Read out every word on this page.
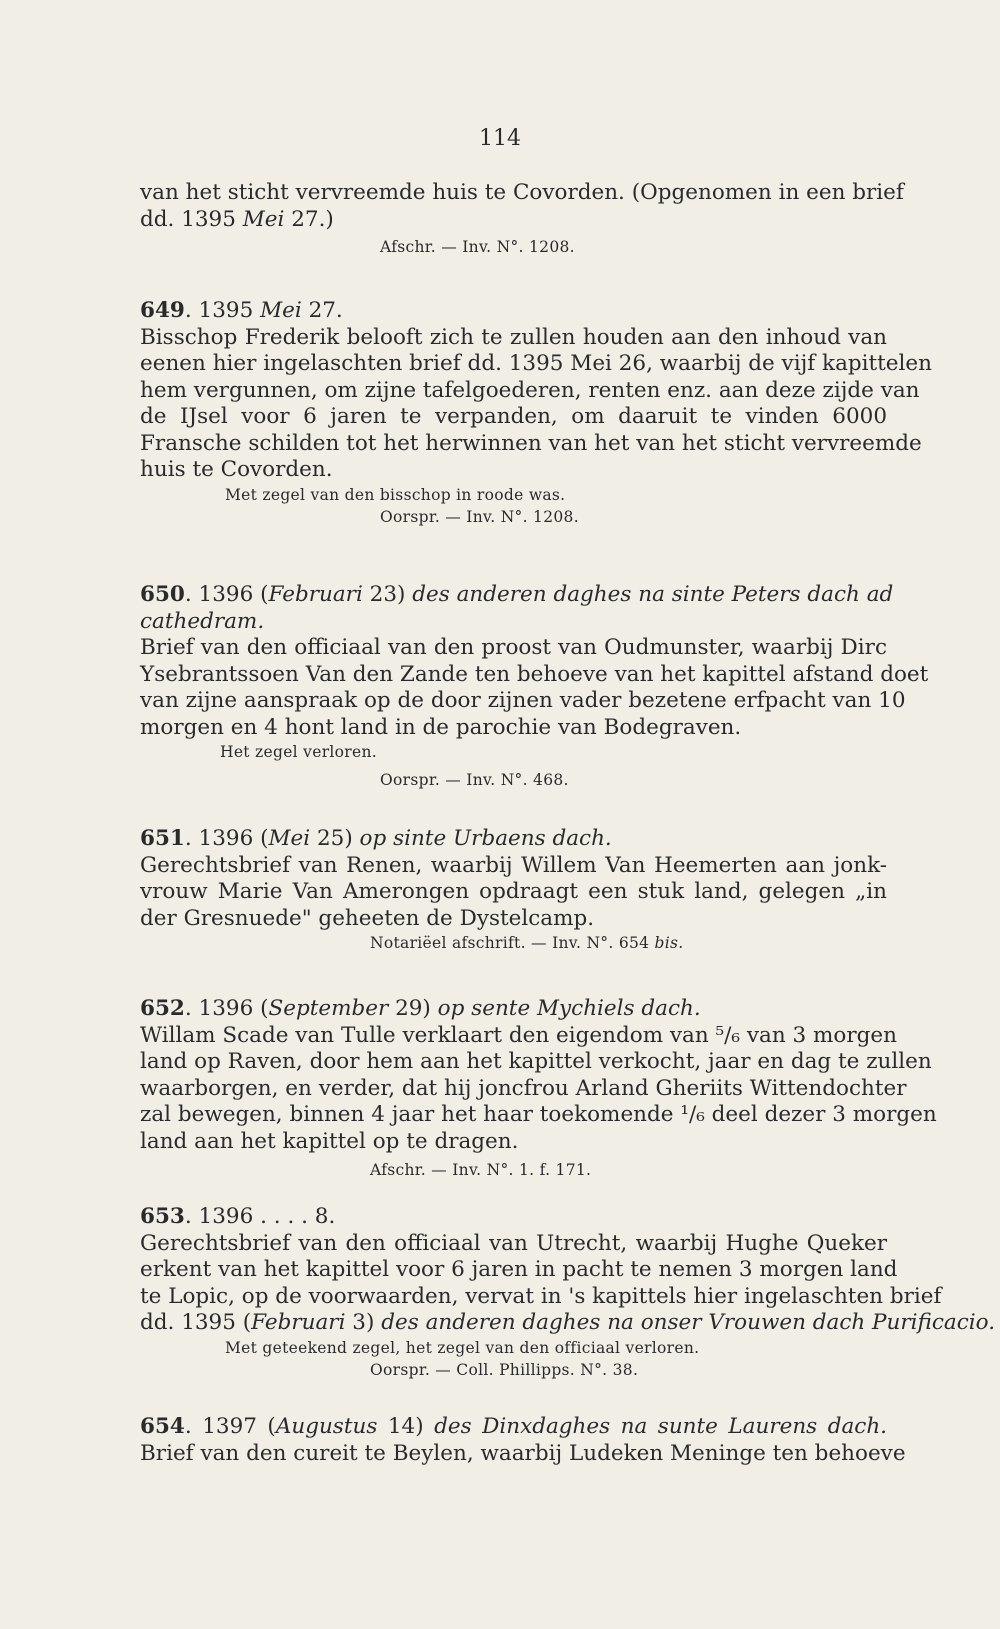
114
van het sticht vervreemde huis te Covorden. (Opgenomen in een brief
dd. 1395 Mei 27.)
Afschr. — Inv. N°. 1208.
649. 1395 Mei 27.
Bisschop Frederik belooft zich te zullen houden aan den inhoud van
eenen hier ingelaschten brief dd. 1395 Mei 26, waarbij de vijf kapittelen
hem vergunnen, om zijne tafelgoederen, renten enz. aan deze zijde van
de IJsel voor 6 jaren te verpanden, om daaruit te vinden 6000
Fransche schilden tot het herwinnen van het van het sticht vervreemde
huis te Covorden.
Met zegel van den bisschop in roode was.
Oorspr. — Inv. N°. 1208.
650. 1396 (Februari 23) des anderen daghes na sinte Peters dach ad
cathedram.
Brief van den officiaal van den proost van Oudmunster, waarbij Dirc
Ysebrantssoen Van den Zande ten behoeve van het kapittel afstand doet
van zijne aanspraak op de door zijnen vader bezetene erfpacht van 10
morgen en 4 hont land in de parochie van Bodegraven.
Het zegel verloren.
Oorspr. — Inv. N°. 468.
651. 1396 (Mei 25) op sinte Urbaens dach.
Gerechtsbrief van Renen, waarbij Willem Van Heemerten aan jonk-
vrouw Marie Van Amerongen opdraagt een stuk land, gelegen „in
der Gresnuede" geheeten de Dystelcamp.
Notariëel afschrift. — Inv. N°. 654 bis.
652. 1396 (September 29) op sente Mychiels dach.
Willam Scade van Tulle verklaart den eigendom van ⁵/₆ van 3 morgen
land op Raven, door hem aan het kapittel verkocht, jaar en dag te zullen
waarborgen, en verder, dat hij joncfrou Arland Gheriits Wittendochter
zal bewegen, binnen 4 jaar het haar toekomende ¹/₆ deel dezer 3 morgen
land aan het kapittel op te dragen.
Afschr. — Inv. N°. 1. f. 171.
653. 1396 . . . . 8.
Gerechtsbrief van den officiaal van Utrecht, waarbij Hughe Queker
erkent van het kapittel voor 6 jaren in pacht te nemen 3 morgen land
te Lopic, op de voorwaarden, vervat in 's kapittels hier ingelaschten brief
dd. 1395 (Februari 3) des anderen daghes na onser Vrouwen dach Purificacio.
Met geteekend zegel, het zegel van den officiaal verloren.
Oorspr. — Coll. Phillipps. N°. 38.
654. 1397 (Augustus 14) des Dinxdaghes na sunte Laurens dach.
Brief van den cureit te Beylen, waarbij Ludeken Meninge ten behoeve
